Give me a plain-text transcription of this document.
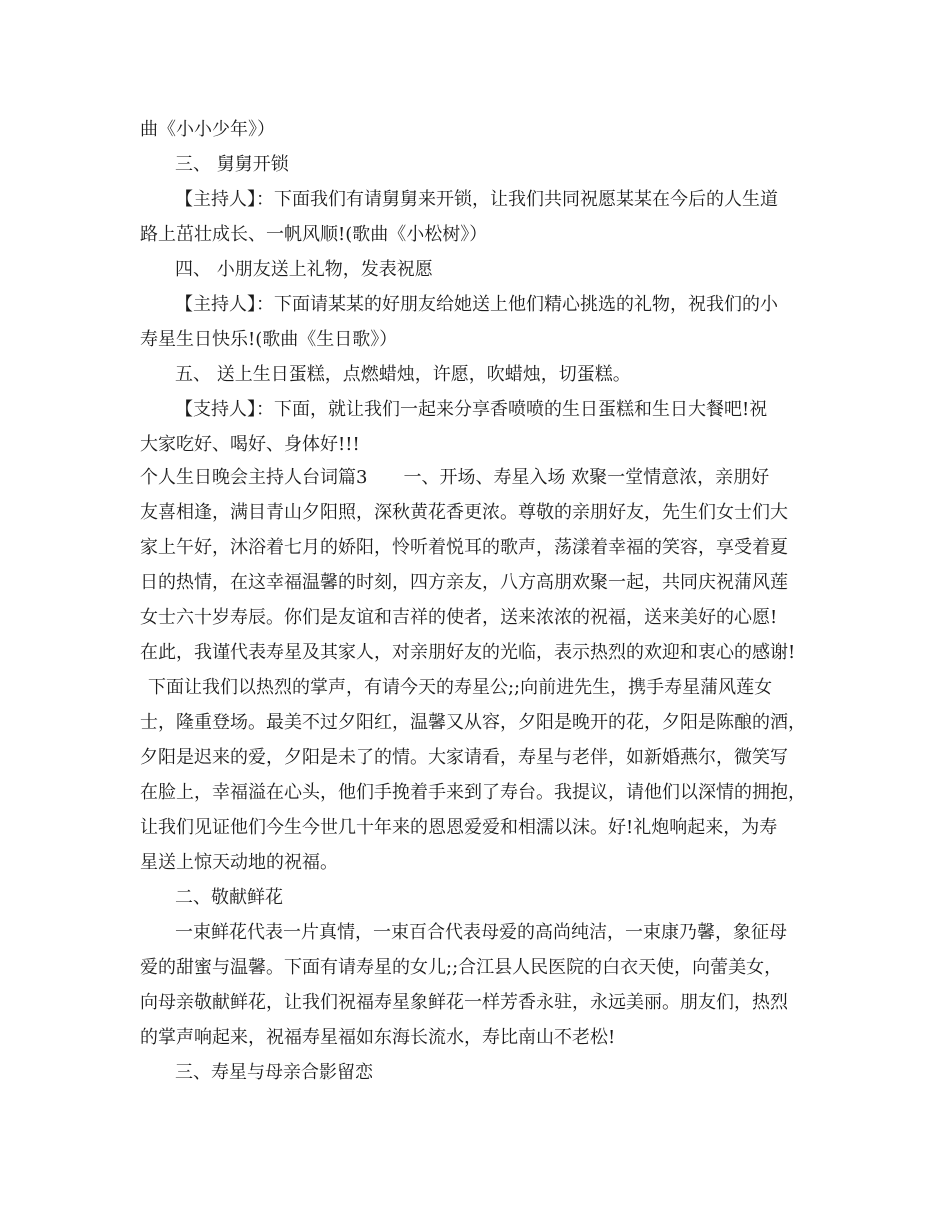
曲《小小少年》）

三、 舅舅开锁

【主持人】：下面我们有请舅舅来开锁，让我们共同祝愿某某在今后的人生道

路上茁壮成长、一帆风顺!(歌曲《小松树》）

四、 小朋友送上礼物，发表祝愿

【主持人】：下面请某某的好朋友给她送上他们精心挑选的礼物，祝我们的小

寿星生日快乐!(歌曲《生日歌》）

五、 送上生日蛋糕，点燃蜡烛，许愿，吹蜡烛，切蛋糕。

【支持人】：下面，就让我们一起来分享香喷喷的生日蛋糕和生日大餐吧!祝

大家吃好、喝好、身体好!!!

个人生日晚会主持人台词篇3　　一、开场、寿星入场 欢聚一堂情意浓，亲朋好

友喜相逢，满目青山夕阳照，深秋黄花香更浓。尊敬的亲朋好友，先生们女士们大

家上午好，沐浴着七月的娇阳，怜听着悦耳的歌声，荡漾着幸福的笑容，享受着夏

日的热情，在这幸福温馨的时刻，四方亲友，八方高朋欢聚一起，共同庆祝蒲风莲

女士六十岁寿辰。你们是友谊和吉祥的使者，送来浓浓的祝福，送来美好的心愿!

在此，我谨代表寿星及其家人，对亲朋好友的光临，表示热烈的欢迎和衷心的感谢!

下面让我们以热烈的掌声，有请今天的寿星公;;向前进先生，携手寿星蒲风莲女

士，隆重登场。最美不过夕阳红，温馨又从容，夕阳是晚开的花，夕阳是陈酿的酒，

夕阳是迟来的爱，夕阳是未了的情。大家请看，寿星与老伴，如新婚燕尔，微笑写

在脸上，幸福溢在心头，他们手挽着手来到了寿台。我提议，请他们以深情的拥抱，

让我们见证他们今生今世几十年来的恩恩爱爱和相濡以沫。好!礼炮响起来，为寿

星送上惊天动地的祝福。

二、敬献鲜花

一束鲜花代表一片真情，一束百合代表母爱的高尚纯洁，一束康乃馨，象征母

爱的甜蜜与温馨。下面有请寿星的女儿;;合江县人民医院的白衣天使，向蕾美女，

向母亲敬献鲜花，让我们祝福寿星象鲜花一样芳香永驻，永远美丽。朋友们，热烈

的掌声响起来，祝福寿星福如东海长流水，寿比南山不老松!

三、寿星与母亲合影留恋
